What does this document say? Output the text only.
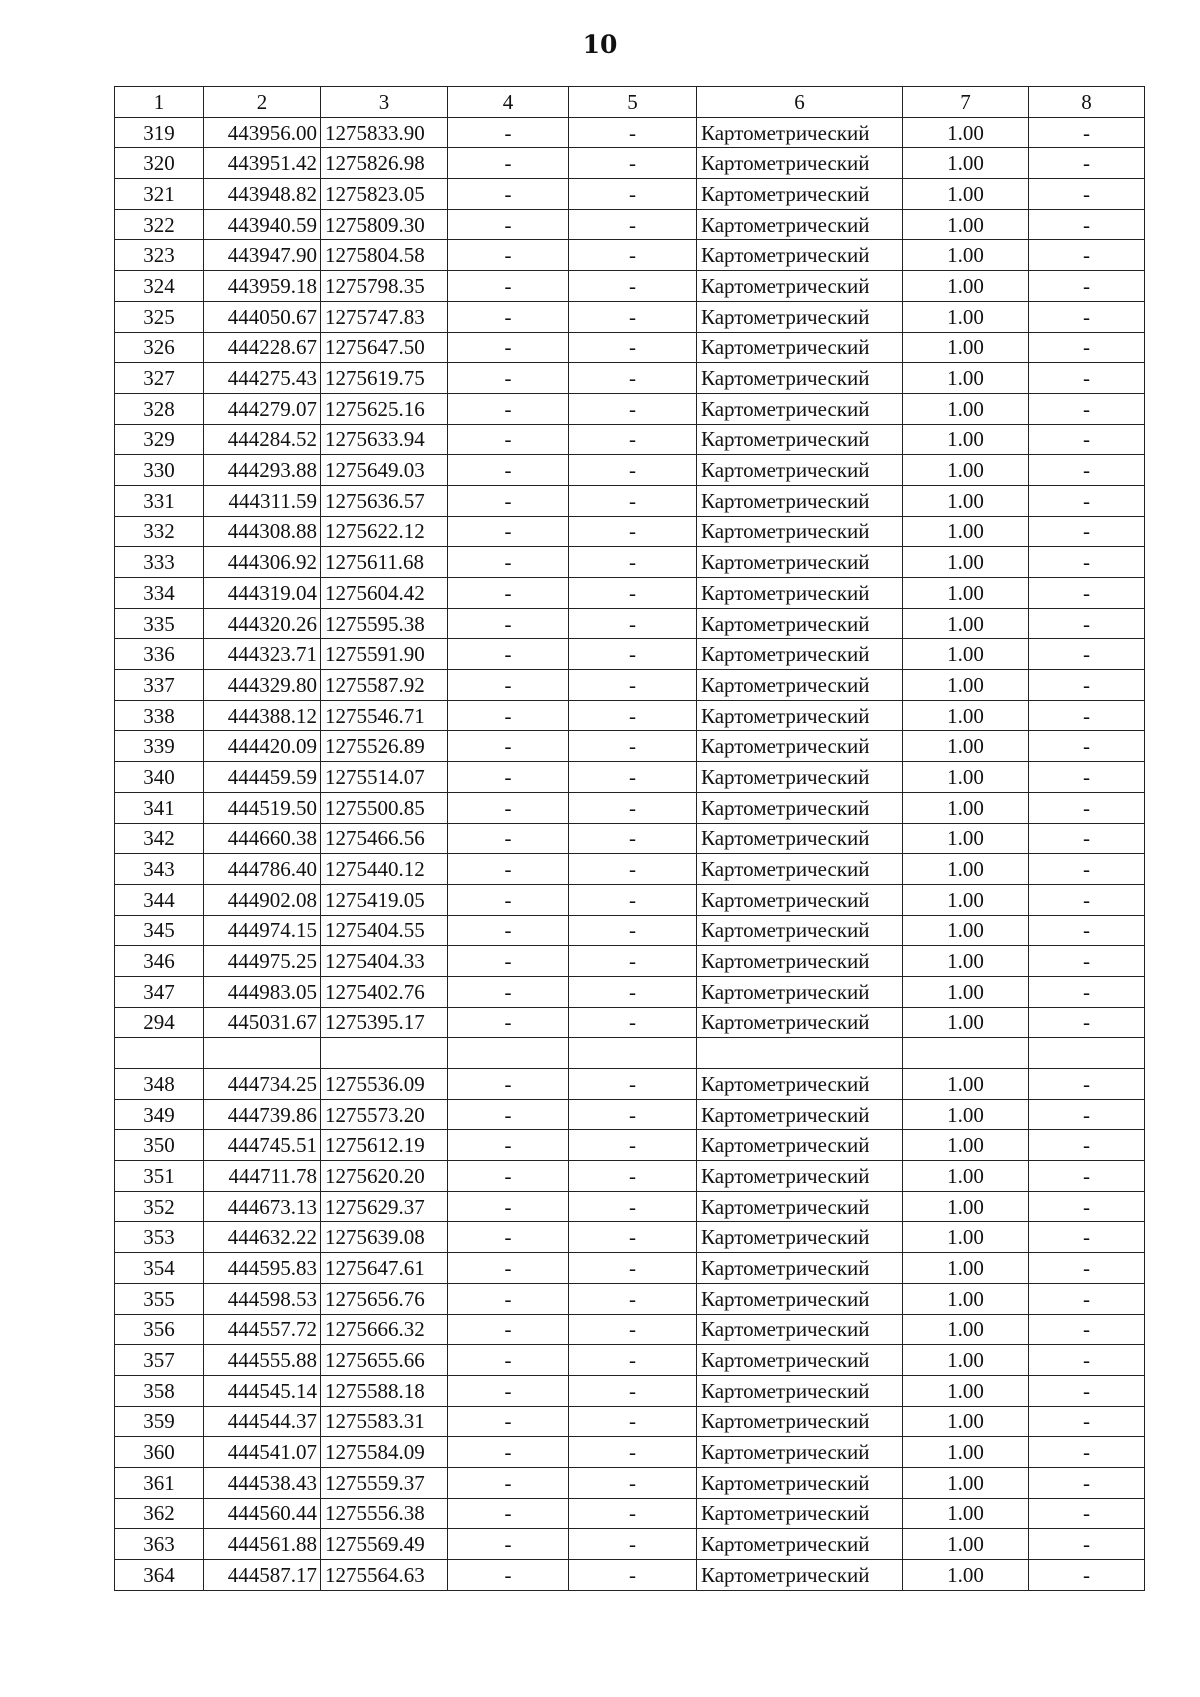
10
1	2	3	4	5	6	7	8
319	443956.00	1275833.90	-	-	Картометрический	1.00	-
320	443951.42	1275826.98	-	-	Картометрический	1.00	-
321	443948.82	1275823.05	-	-	Картометрический	1.00	-
322	443940.59	1275809.30	-	-	Картометрический	1.00	-
323	443947.90	1275804.58	-	-	Картометрический	1.00	-
324	443959.18	1275798.35	-	-	Картометрический	1.00	-
325	444050.67	1275747.83	-	-	Картометрический	1.00	-
326	444228.67	1275647.50	-	-	Картометрический	1.00	-
327	444275.43	1275619.75	-	-	Картометрический	1.00	-
328	444279.07	1275625.16	-	-	Картометрический	1.00	-
329	444284.52	1275633.94	-	-	Картометрический	1.00	-
330	444293.88	1275649.03	-	-	Картометрический	1.00	-
331	444311.59	1275636.57	-	-	Картометрический	1.00	-
332	444308.88	1275622.12	-	-	Картометрический	1.00	-
333	444306.92	1275611.68	-	-	Картометрический	1.00	-
334	444319.04	1275604.42	-	-	Картометрический	1.00	-
335	444320.26	1275595.38	-	-	Картометрический	1.00	-
336	444323.71	1275591.90	-	-	Картометрический	1.00	-
337	444329.80	1275587.92	-	-	Картометрический	1.00	-
338	444388.12	1275546.71	-	-	Картометрический	1.00	-
339	444420.09	1275526.89	-	-	Картометрический	1.00	-
340	444459.59	1275514.07	-	-	Картометрический	1.00	-
341	444519.50	1275500.85	-	-	Картометрический	1.00	-
342	444660.38	1275466.56	-	-	Картометрический	1.00	-
343	444786.40	1275440.12	-	-	Картометрический	1.00	-
344	444902.08	1275419.05	-	-	Картометрический	1.00	-
345	444974.15	1275404.55	-	-	Картометрический	1.00	-
346	444975.25	1275404.33	-	-	Картометрический	1.00	-
347	444983.05	1275402.76	-	-	Картометрический	1.00	-
294	445031.67	1275395.17	-	-	Картометрический	1.00	-

348	444734.25	1275536.09	-	-	Картометрический	1.00	-
349	444739.86	1275573.20	-	-	Картометрический	1.00	-
350	444745.51	1275612.19	-	-	Картометрический	1.00	-
351	444711.78	1275620.20	-	-	Картометрический	1.00	-
352	444673.13	1275629.37	-	-	Картометрический	1.00	-
353	444632.22	1275639.08	-	-	Картометрический	1.00	-
354	444595.83	1275647.61	-	-	Картометрический	1.00	-
355	444598.53	1275656.76	-	-	Картометрический	1.00	-
356	444557.72	1275666.32	-	-	Картометрический	1.00	-
357	444555.88	1275655.66	-	-	Картометрический	1.00	-
358	444545.14	1275588.18	-	-	Картометрический	1.00	-
359	444544.37	1275583.31	-	-	Картометрический	1.00	-
360	444541.07	1275584.09	-	-	Картометрический	1.00	-
361	444538.43	1275559.37	-	-	Картометрический	1.00	-
362	444560.44	1275556.38	-	-	Картометрический	1.00	-
363	444561.88	1275569.49	-	-	Картометрический	1.00	-
364	444587.17	1275564.63	-	-	Картометрический	1.00	-
